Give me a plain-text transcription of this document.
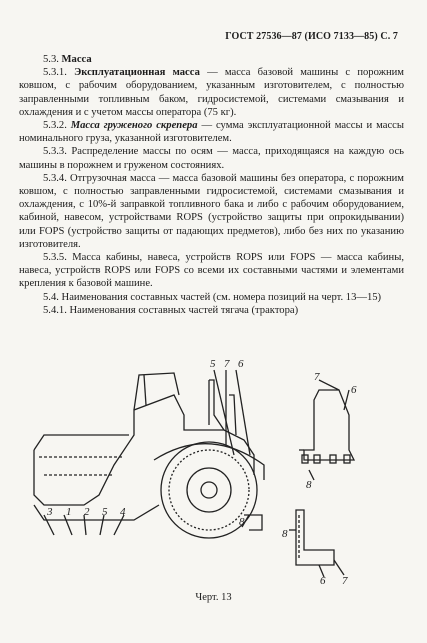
ГОСТ 27536—87 (ИСО 7133—85) С. 7

5.3. Масса

5.3.1. Эксплуатационная масса — масса базовой машины с порожним ковшом, с рабочим оборудованием, указанным изготовителем, с полностью заправленными топливным баком, гидросистемой, системами смазывания и охлаждения и с учетом массы оператора (75 кг).

5.3.2. Масса груженого скрепера — сумма эксплуатационной массы и массы номинального груза, указанной изготовителем.

5.3.3. Распределение массы по осям — масса, приходящаяся на каждую ось машины в порожнем и груженом состояниях.

5.3.4. Отгрузочная масса — масса базовой машины без оператора, с порожним ковшом, с полностью заправленными гидросистемой, системами смазывания и охлаждения, с 10%-й заправкой топливного бака и либо с рабочим оборудованием, кабиной, навесом, устройствами ROPS (устройство защиты при опрокидывании) или FOPS (устройство защиты от падающих предметов), либо без них по указанию изготовителя.

5.3.5. Масса кабины, навеса, устройств ROPS или FOPS — масса кабины, навеса, устройств ROPS или FOPS со всеми их составными частями и элементами крепления к базовой машине.

5.4. Наименования составных частей (см. номера позиций на черт. 13—15)

5.4.1. Наименования составных частей тягача (трактора)

5 7 6
3 1 2 5 4
8
7
6
8
8
6 7
Черт. 13
